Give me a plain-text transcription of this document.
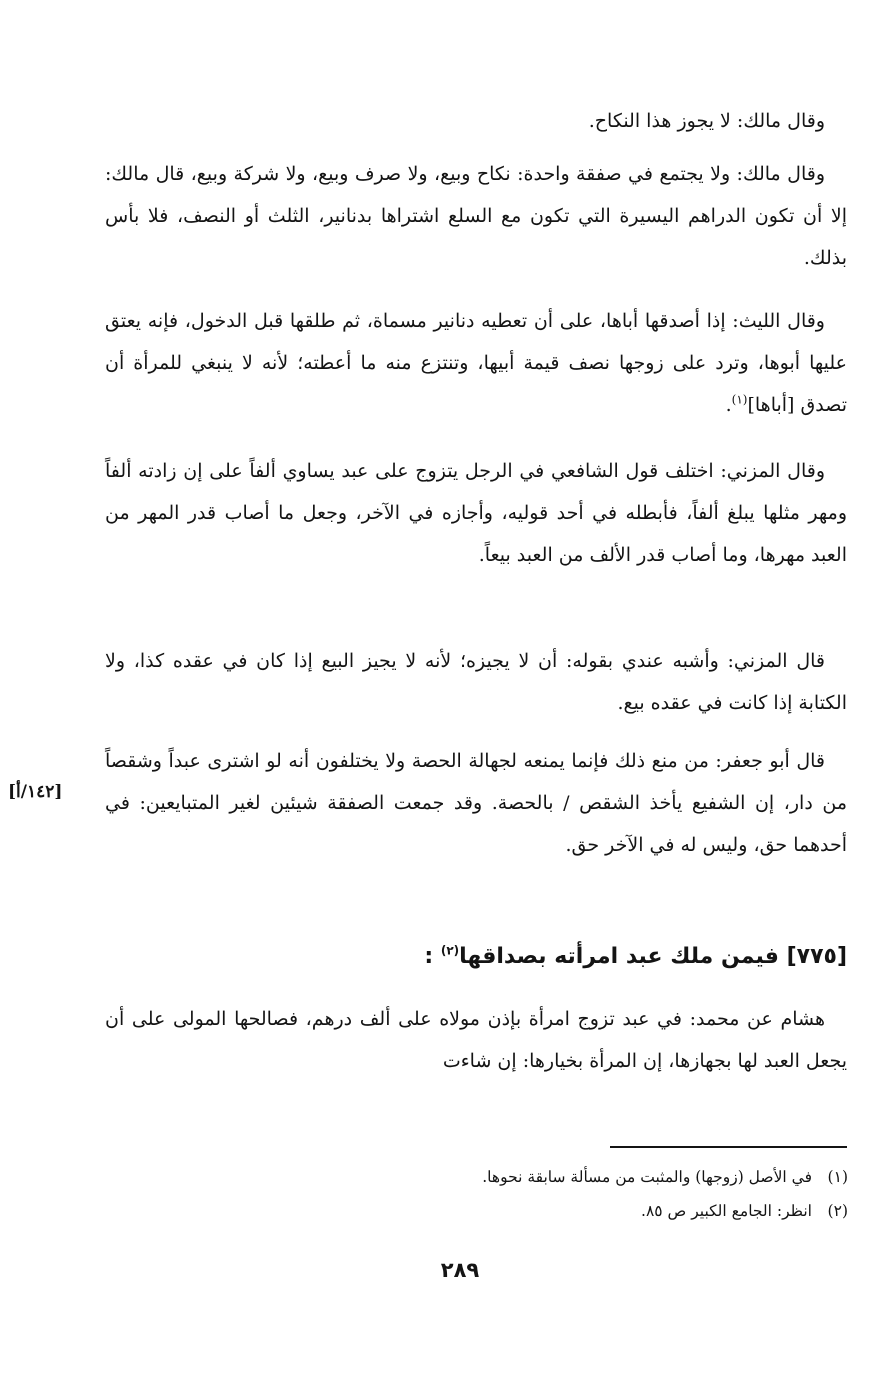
وقال مالك: لا يجوز هذا النكاح.

وقال مالك: ولا يجتمع في صفقة واحدة: نكاح وبيع، ولا صرف وبيع، ولا شركة وبيع، قال مالك: إلا أن تكون الدراهم اليسيرة التي تكون مع السلع اشتراها بدنانير، الثلث أو النصف، فلا بأس بذلك.

وقال الليث: إذا أصدقها أباها، على أن تعطيه دنانير مسماة، ثم طلقها قبل الدخول، فإنه يعتق عليها أبوها، وترد على زوجها نصف قيمة أبيها، وتنتزع منه ما أعطته؛ لأنه لا ينبغي للمرأة أن تصدق [أباها]$^{(١)}$.

وقال المزني: اختلف قول الشافعي في الرجل يتزوج على عبد يساوي ألفاً على إن زادته ألفاً ومهر مثلها يبلغ ألفاً، فأبطله في أحد قوليه، وأجازه في الآخر، وجعل ما أصاب قدر المهر من العبد مهرها، وما أصاب قدر الألف من العبد بيعاً.

قال المزني: وأشبه عندي بقوله: أن لا يجيزه؛ لأنه لا يجيز البيع إذا كان في عقده كذا، ولا الكتابة إذا كانت في عقده بيع.

قال أبو جعفر: من منع ذلك فإنما يمنعه لجهالة الحصة ولا يختلفون أنه لو اشترى عبداً وشقصاً من دار، إن الشفيع يأخذ الشقص / بالحصة. وقد جمعت الصفقة شيئين لغير المتبايعين: في أحدهما حق، وليس له في الآخر حق.

[١٤٢/أ]
[٧٧٥] فيمن ملك عبد امرأته بصداقها$^{(٢)}$ :

هشام عن محمد: في عبد تزوج امرأة بإذن مولاه على ألف درهم، فصالحها المولى على أن يجعل العبد لها بجهازها، إن المرأة بخيارها: إن شاءت

(١)في الأصل (زوجها) والمثبت من مسألة سابقة نحوها.
(٢)انظر: الجامع الكبير ص ٨٥.
٢٨٩
